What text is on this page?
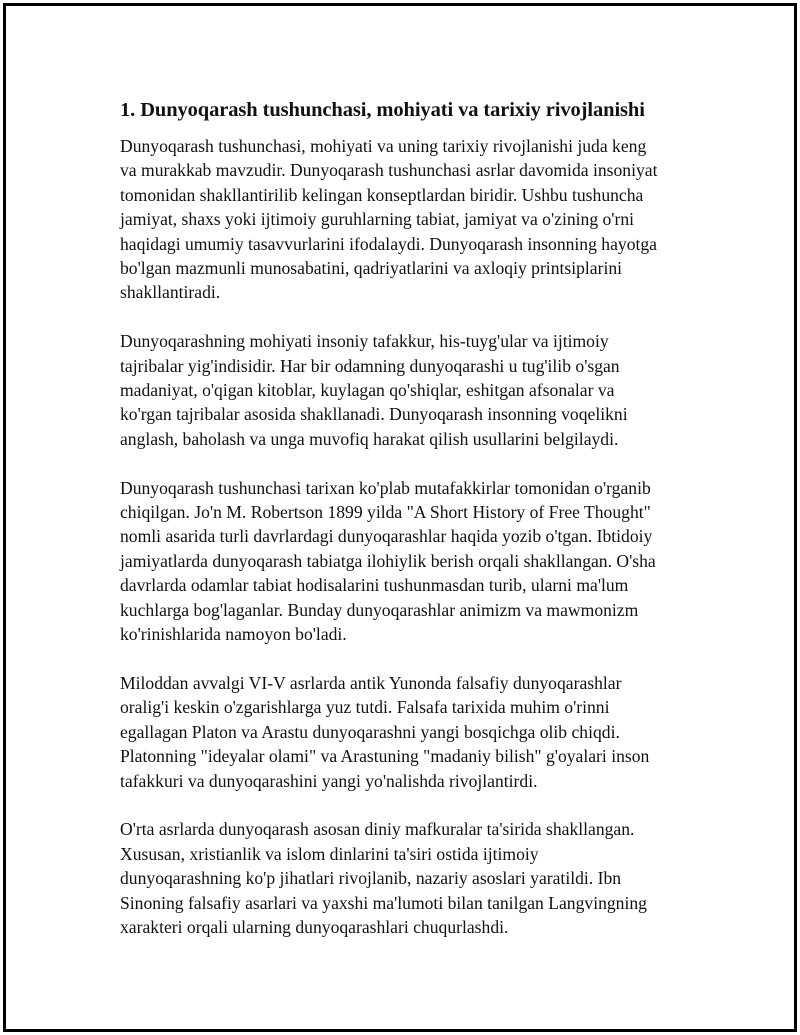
1. Dunyoqarash tushunchasi, mohiyati va tarixiy rivojlanishi

Dunyoqarash tushunchasi, mohiyati va uning tarixiy rivojlanishi juda keng
va murakkab mavzudir. Dunyoqarash tushunchasi asrlar davomida insoniyat
tomonidan shakllantirilib kelingan konseptlardan biridir. Ushbu tushuncha
jamiyat, shaxs yoki ijtimoiy guruhlarning tabiat, jamiyat va o'zining o'rni
haqidagi umumiy tasavvurlarini ifodalaydi. Dunyoqarash insonning hayotga
bo'lgan mazmunli munosabatini, qadriyatlarini va axloqiy printsiplarini
shakllantiradi.

Dunyoqarashning mohiyati insoniy tafakkur, his-tuyg'ular va ijtimoiy
tajribalar yig'indisidir. Har bir odamning dunyoqarashi u tug'ilib o'sgan
madaniyat, o'qigan kitoblar, kuylagan qo'shiqlar, eshitgan afsonalar va
ko'rgan tajribalar asosida shakllanadi. Dunyoqarash insonning voqelikni
anglash, baholash va unga muvofiq harakat qilish usullarini belgilaydi.

Dunyoqarash tushunchasi tarixan ko'plab mutafakkirlar tomonidan o'rganib
chiqilgan. Jo'n M. Robertson 1899 yilda "A Short History of Free Thought"
nomli asarida turli davrlardagi dunyoqarashlar haqida yozib o'tgan. Ibtidoiy
jamiyatlarda dunyoqarash tabiatga ilohiylik berish orqali shakllangan. O'sha
davrlarda odamlar tabiat hodisalarini tushunmasdan turib, ularni ma'lum
kuchlarga bog'laganlar. Bunday dunyoqarashlar animizm va mawmonizm
ko'rinishlarida namoyon bo'ladi.

Miloddan avvalgi VI-V asrlarda antik Yunonda falsafiy dunyoqarashlar
oralig'i keskin o'zgarishlarga yuz tutdi. Falsafa tarixida muhim o'rinni
egallagan Platon va Arastu dunyoqarashni yangi bosqichga olib chiqdi.
Platonning "ideyalar olami" va Arastuning "madaniy bilish" g'oyalari inson
tafakkuri va dunyoqarashini yangi yo'nalishda rivojlantirdi.

O'rta asrlarda dunyoqarash asosan diniy mafkuralar ta'sirida shakllangan.
Xususan, xristianlik va islom dinlarini ta'siri ostida ijtimoiy
dunyoqarashning ko'p jihatlari rivojlanib, nazariy asoslari yaratildi. Ibn
Sinoning falsafiy asarlari va yaxshi ma'lumoti bilan tanilgan Langvingning
xarakteri orqali ularning dunyoqarashlari chuqurlashdi.
